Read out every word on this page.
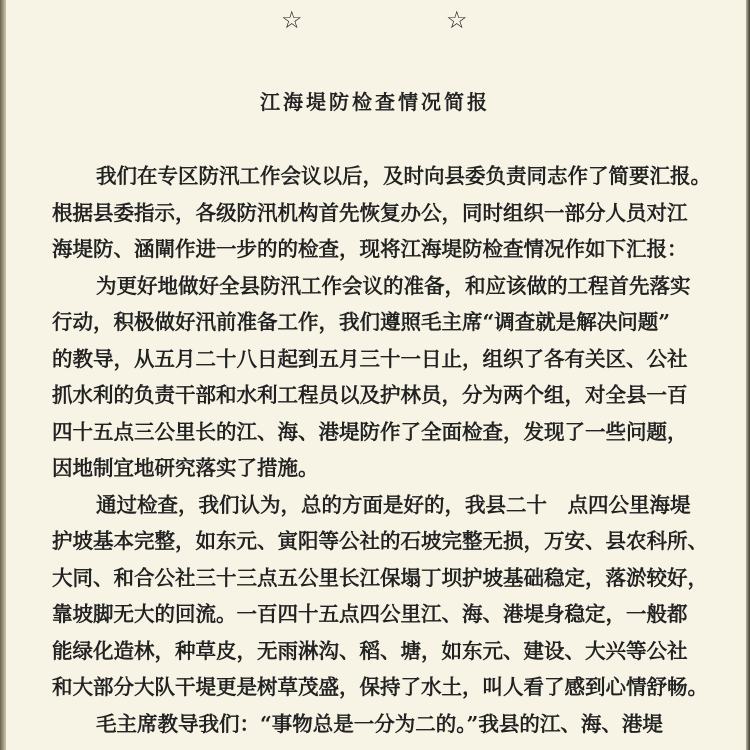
☆	☆
江海堤防检查情况简报
我们在专区防汛工作会议以后，及时向县委负责同志作了简要汇报。
根据县委指示，各级防汛机构首先恢复办公，同时组织一部分人员对江
海堤防、涵閘作进一步的的检查，现将江海堤防检查情况作如下汇报：
为更好地做好全县防汛工作会议的准备，和应该做的工程首先落实
行动，积极做好汛前准备工作，我们遵照毛主席“调查就是解决问题”
的教导，从五月二十八日起到五月三十一日止，组织了各有关区、公社
抓水利的负责干部和水利工程员以及护林员，分为两个组，对全县一百
四十五点三公里长的江、海、港堤防作了全面检查，发现了一些问题，
因地制宜地研究落实了措施。
通过检查，我们认为，总的方面是好的，我县二十　点四公里海堤
护坡基本完整，如东元、寅阳等公社的石坡完整无损，万安、县农科所、
大同、和合公社三十三点五公里长江保塌丁坝护坡基础稳定，落淤较好，
靠坡脚无大的回流。一百四十五点四公里江、海、港堤身稳定，一般都
能绿化造林，种草皮，无雨淋沟、稻、塘，如东元、建设、大兴等公社
和大部分大队干堤更是树草茂盛，保持了水土，叫人看了感到心情舒畅。
毛主席教导我们：“事物总是一分为二的。”我县的江、海、港堤
